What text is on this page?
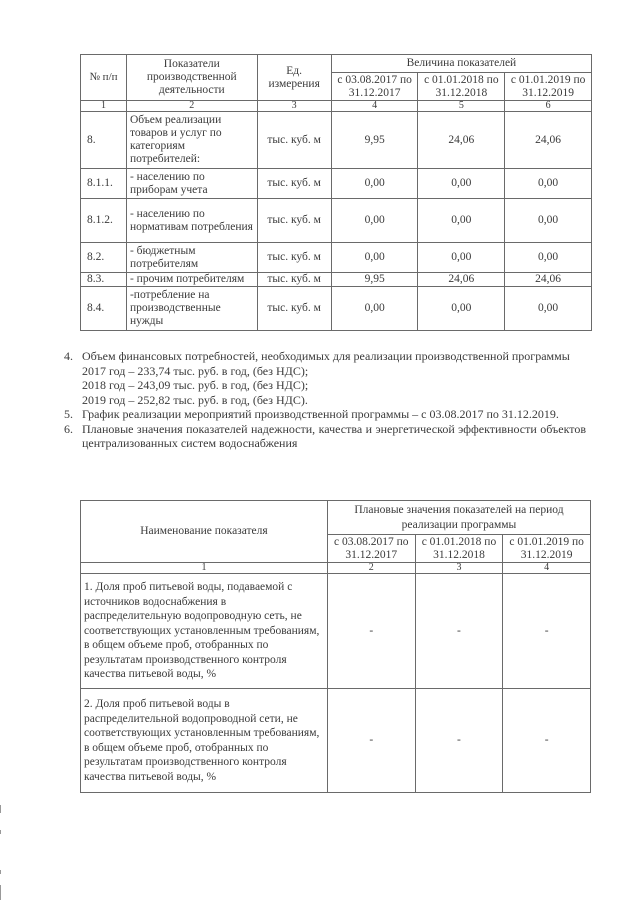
№ п/п	Показатели производственной деятельности	Ед. измерения	Величина показателей		
			с 03.08.2017 по 31.12.2017	с 01.01.2018 по 31.12.2018	с 01.01.2019 по 31.12.2019
1	2	3	4	5	6
8.	Объем реализации товаров и услуг по категориям потребителей:	тыс. куб. м	9,95	24,06	24,06
8.1.1.	- населению по приборам учета	тыс. куб. м	0,00	0,00	0,00
8.1.2.	- населению по нормативам потребления	тыс. куб. м	0,00	0,00	0,00
8.2.	- бюджетным потребителям	тыс. куб. м	0,00	0,00	0,00
8.3.	- прочим потребителям	тыс. куб. м	9,95	24,06	24,06
8.4.	-потребление на производственные нужды	тыс. куб. м	0,00	0,00	0,00
4. Объем финансовых потребностей, необходимых для реализации производственной программы
2017 год – 233,74 тыс. руб. в год, (без НДС);
2018 год – 243,09 тыс. руб. в год, (без НДС);
2019 год – 252,82 тыс. руб. в год, (без НДС).
5. График реализации мероприятий производственной программы – с 03.08.2017 по 31.12.2019.
6. Плановые значения показателей надежности, качества и энергетической эффективности объектов централизованных систем водоснабжения
Наименование показателя	Плановые значения показателей на период реализации программы		
	с 03.08.2017 по 31.12.2017	с 01.01.2018 по 31.12.2018	с 01.01.2019 по 31.12.2019
1	2	3	4
1. Доля проб питьевой воды, подаваемой с источников водоснабжения в распределительную водопроводную сеть, не соответствующих установленным требованиям, в общем объеме проб, отобранных по результатам производственного контроля качества питьевой воды, %	-	-	-
2. Доля проб питьевой воды в распределительной водопроводной сети, не соответствующих установленным требованиям, в общем объеме проб, отобранных по результатам производственного контроля качества питьевой воды, %	-	-	-
